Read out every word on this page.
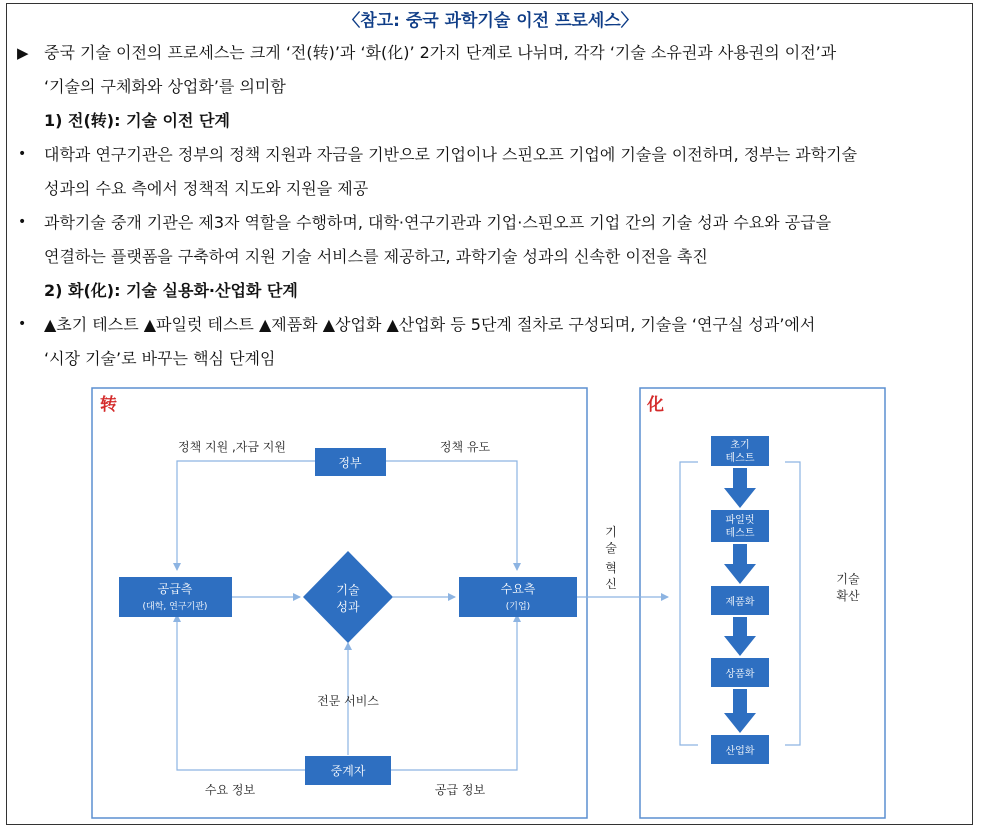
〈참고: 중국 과학기술 이전 프로세스〉
▶ 중국 기술 이전의 프로세스는 크게 ‘전(转)’과 ‘화(化)’ 2가지 단계로 나뉘며, 각각 ‘기술 소유권과 사용권의 이전’과
‘기술의 구체화와 상업화’를 의미함
1) 전(转): 기술 이전 단계
• 대학과 연구기관은 정부의 정책 지원과 자금을 기반으로 기업이나 스핀오프 기업에 기술을 이전하며, 정부는 과학기술
성과의 수요 측에서 정책적 지도와 지원을 제공
• 과학기술 중개 기관은 제3자 역할을 수행하며, 대학·연구기관과 기업·스핀오프 기업 간의 기술 성과 수요와 공급을
연결하는 플랫폼을 구축하여 지원 기술 서비스를 제공하고, 과학기술 성과의 신속한 이전을 촉진
2) 화(化): 기술 실용화·산업화 단계
• ▲초기 테스트 ▲파일럿 테스트 ▲제품화 ▲상업화 ▲산업화 등 5단계 절차로 구성되며, 기술을 ‘연구실 성과’에서
‘시장 기술’로 바꾸는 핵심 단계임
转	化
정부
공급측
(대학, 연구기관)
기술
성과
수요측
(기업)
중계자
정책 지원 ,자금 지원	정책 유도
전문 서비스
수요 정보	공급 정보
기
술
혁
신	기술
확산
초기
테스트
파일럿
테스트
제품화
상품화
산업화
